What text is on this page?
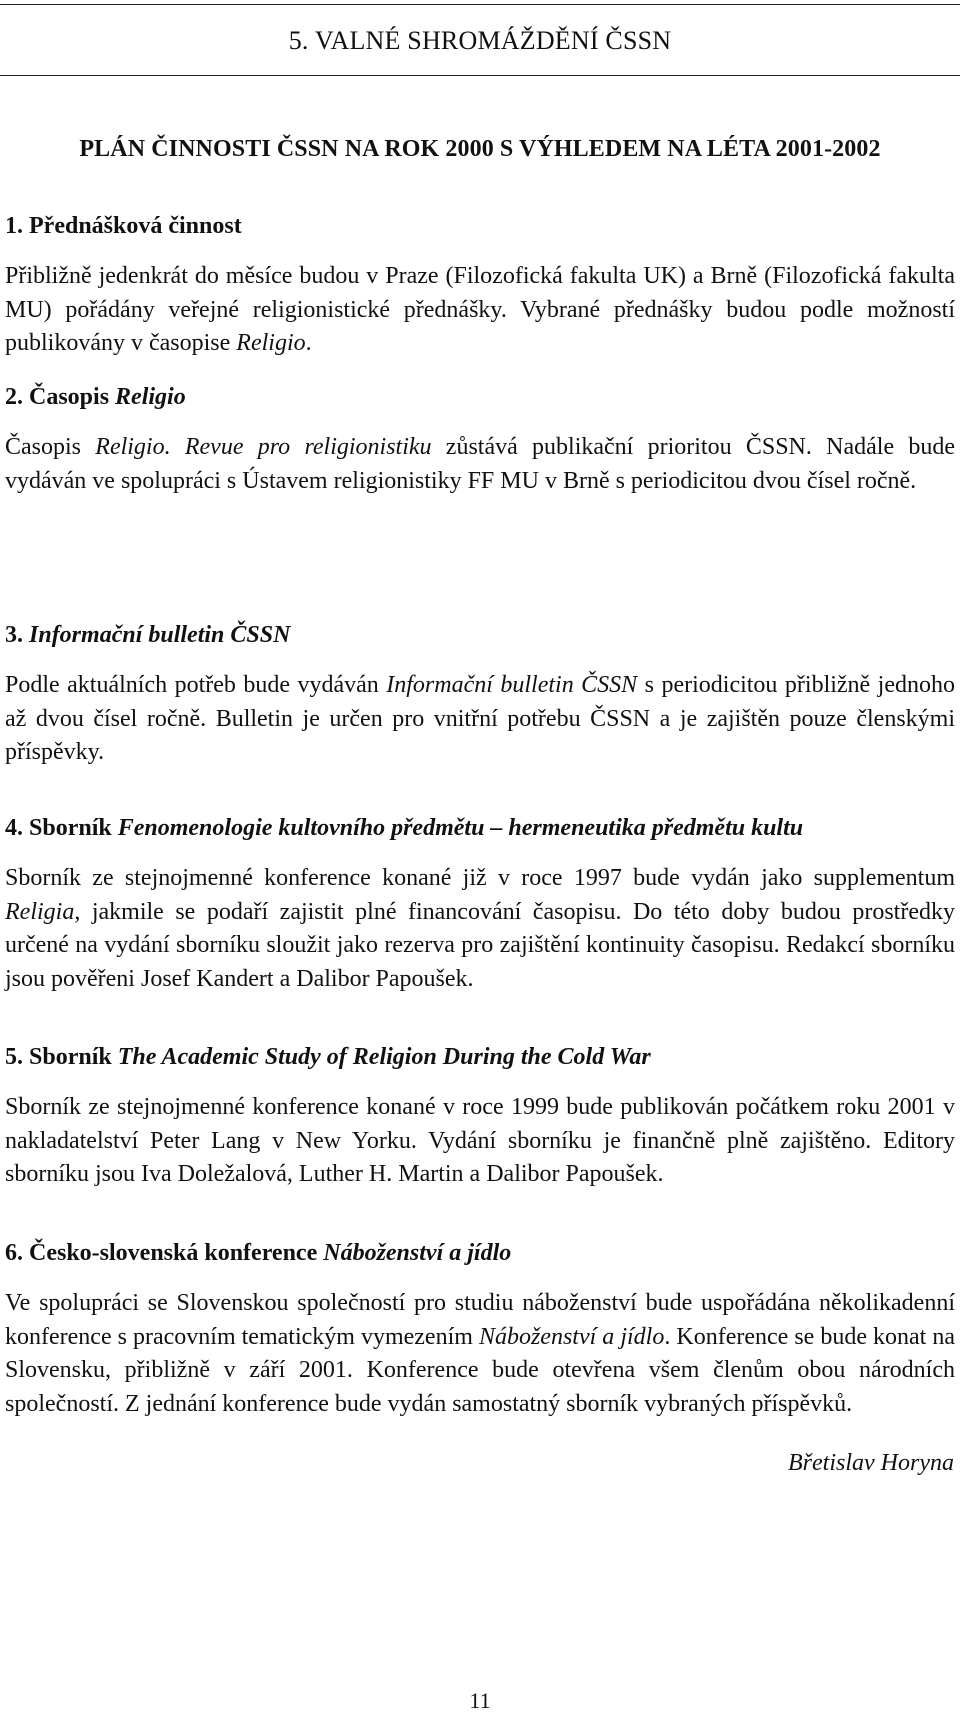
5. VALNÉ SHROMÁŽDĚNÍ ČSSN
PLÁN ČINNOSTI ČSSN NA ROK 2000 S VÝHLEDEM NA LÉTA 2001-2002
1. Přednášková činnost

Přibližně jedenkrát do měsíce budou v Praze (Filozofická fakulta UK) a Brně (Filozofická fakulta MU) pořádány veřejné religionistické přednášky. Vybrané přednášky budou podle možností publikovány v časopise Religio.

2. Časopis Religio

Časopis Religio. Revue pro religionistiku zůstává publikační prioritou ČSSN. Nadále bude vydáván ve spolupráci s Ústavem religionistiky FF MU v Brně s periodicitou dvou čísel ročně.

3. Informační bulletin ČSSN

Podle aktuálních potřeb bude vydáván Informační bulletin ČSSN s periodicitou přibližně jednoho až dvou čísel ročně. Bulletin je určen pro vnitřní potřebu ČSSN a je zajištěn pouze členskými příspěvky.

4. Sborník Fenomenologie kultovního předmětu – hermeneutika předmětu kultu

Sborník ze stejnojmenné konference konané již v roce 1997 bude vydán jako supplementum Religia, jakmile se podaří zajistit plné financování časopisu. Do této doby budou prostředky určené na vydání sborníku sloužit jako rezerva pro zajištění kontinuity časopisu. Redakcí sborníku jsou pověřeni Josef Kandert a Dalibor Papoušek.

5. Sborník The Academic Study of Religion During the Cold War

Sborník ze stejnojmenné konference konané v roce 1999 bude publikován počátkem roku 2001 v nakladatelství Peter Lang v New Yorku. Vydání sborníku je finančně plně zajištěno. Editory sborníku jsou Iva Doležalová, Luther H. Martin a Dalibor Papoušek.

6. Česko-slovenská konference Náboženství a jídlo

Ve spolupráci se Slovenskou společností pro studiu náboženství bude uspořádána několikadenní konference s pracovním tematickým vymezením Náboženství a jídlo. Konference se bude konat na Slovensku, přibližně v září 2001. Konference bude otevřena všem členům obou národních společností. Z jednání konference bude vydán samostatný sborník vybraných příspěvků.

Břetislav Horyna
11
